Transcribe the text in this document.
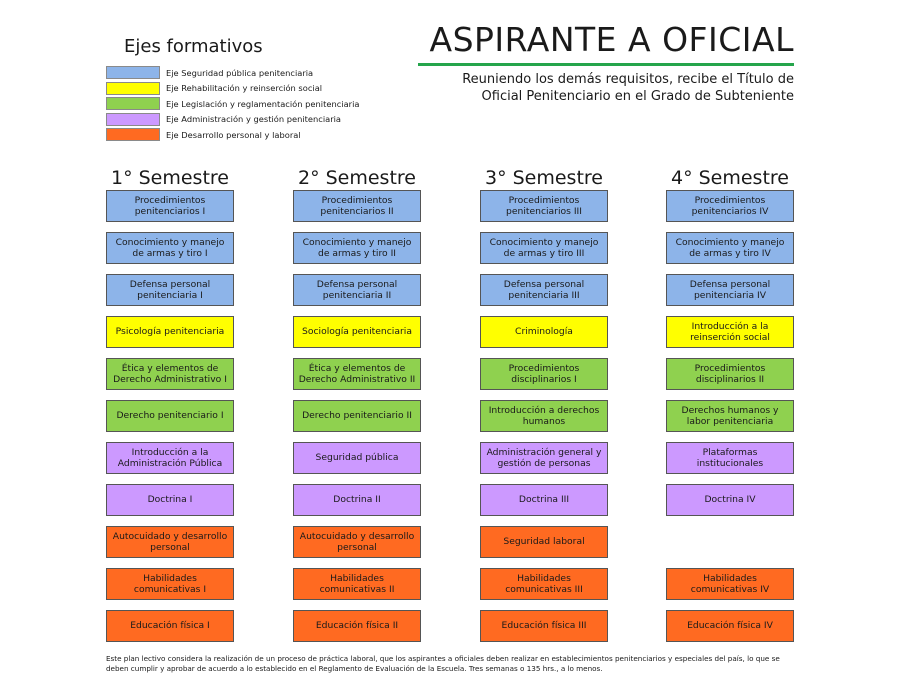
Ejes formativos
Eje Seguridad pública penitenciaria
Eje Rehabilitación y reinserción social
Eje Legislación y reglamentación penitenciaria
Eje Administración y gestión penitenciaria
Eje Desarrollo personal y laboral
ASPIRANTE A OFICIAL
Reuniendo los demás requisitos, recibe el Título de
Oficial Penitenciario en el Grado de Subteniente
1° Semestre
Procedimientos penitenciarios I
Conocimiento y manejo de armas y tiro I
Defensa personal penitenciaria I
Psicología penitenciaria
Ética y elementos de Derecho Administrativo I
Derecho penitenciario I
Introducción a la Administración Pública
Doctrina I
Autocuidado y desarrollo personal
Habilidades comunicativas I
Educación física I
2° Semestre
Procedimientos penitenciarios II
Conocimiento y manejo de armas y tiro II
Defensa personal penitenciaria II
Sociología penitenciaria
Ética y elementos de Derecho Administrativo II
Derecho penitenciario II
Seguridad pública
Doctrina II
Autocuidado y desarrollo personal
Habilidades comunicativas II
Educación física II
3° Semestre
Procedimientos penitenciarios III
Conocimiento y manejo de armas y tiro III
Defensa personal penitenciaria III
Criminología
Procedimientos disciplinarios I
Introducción a derechos humanos
Administración general y gestión de personas
Doctrina III
Seguridad laboral
Habilidades comunicativas III
Educación física III
4° Semestre
Procedimientos penitenciarios IV
Conocimiento y manejo de armas y tiro IV
Defensa personal penitenciaria IV
Introducción a la reinserción social
Procedimientos disciplinarios II
Derechos humanos y labor penitenciaria
Plataformas institucionales
Doctrina IV
Habilidades comunicativas IV
Educación física IV
Este plan lectivo considera la realización de un proceso de práctica laboral, que los aspirantes a oficiales deben realizar en establecimientos penitenciarios y especiales del país, lo que se deben cumplir y aprobar de acuerdo a lo establecido en el Reglamento de Evaluación de la Escuela. Tres semanas o 135 hrs., a lo menos.
